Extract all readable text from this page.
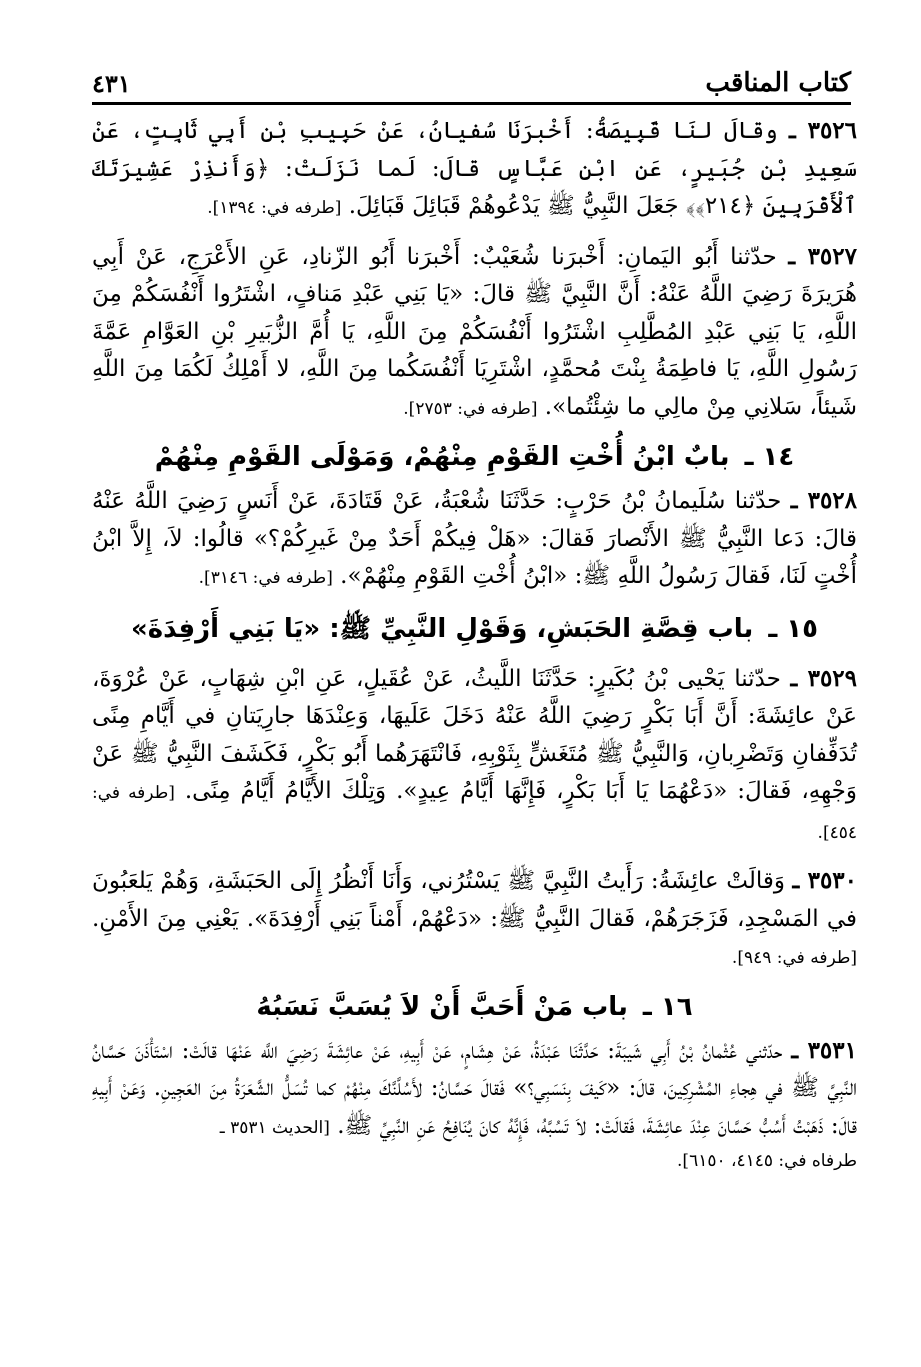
كتاب المناقب
٤٣١

٣٥٢٦ ـ وقالَ لنَا قَبِيصَةُ: أَخْبرَنَا سُفيانُ، عَنْ حَبِيبِ بْنِ أَبِي ثَابِتٍ، عَنْ سَعِيدِ بْنِ جُبَيرٍ، عَنِ ابْنِ عَبَّاسٍ قالَ: لَما نَزَلَتْ: ﴿وَأَنذِرْ عَشِيرَتَكَ ٱلْأَقْرَبِينَ ﴿٢١٤﴾﴾ جَعَلَ النَّبِيُّ ﷺ يَدْعُوهُمْ قَبَائِلَ قَبَائِلَ. [طرفه في: ١٣٩٤].

٣٥٢٧ ـ حدّثنا أَبُو اليَمانِ: أَخْبرَنا شُعَيْبٌ: أَخْبرَنا أَبُو الزّنادِ، عَنِ الأَعْرَجِ، عَنْ أَبِي هُرَيرَةَ رَضِيَ اللَّهُ عَنْهُ: أَنَّ النَّبِيَّ ﷺ قالَ: «يَا بَنِي عَبْدِ مَنافٍ، اشْتَرُوا أَنْفُسَكُمْ مِنَ اللَّهِ، يَا بَنِي عَبْدِ المُطَّلِبِ اشْتَرُوا أَنْفُسَكُمْ مِنَ اللَّهِ، يَا أُمَّ الزُّبَيرِ بْنِ العَوَّامِ عَمَّةَ رَسُولِ اللَّهِ، يَا فاطِمَةُ بِنْتَ مُحمَّدٍ، اشْتَرِيَا أَنْفُسَكُما مِنَ اللَّهِ، لا أَمْلِكُ لَكُمَا مِنَ اللَّهِ شَيئاً، سَلانِي مِنْ مالِي ما شِئْتُما». [طرفه في: ٢٧٥٣].

١٤ ـ بابٌ ابْنُ أُخْتِ القَوْمِ مِنْهُمْ، وَمَوْلَى القَوْمِ مِنْهُمْ

٣٥٢٨ ـ حدّثنا سُلَيمانُ بْنُ حَرْبٍ: حَدَّثَنَا شُعْبَةُ، عَنْ قَتَادَةَ، عَنْ أَنَسٍ رَضِيَ اللَّهُ عَنْهُ قالَ: دَعا النَّبِيُّ ﷺ الأَنْصارَ فَقالَ: «هَلْ فِيكُمْ أَحَدٌ مِنْ غَيرِكُمْ؟» قالُوا: لاَ، إِلاَّ ابْنُ أُخْتٍ لَنَا، فَقالَ رَسُولُ اللَّهِ ﷺ: «ابْنُ أُخْتِ القَوْمِ مِنْهُمْ». [طرفه في: ٣١٤٦].

١٥ ـ باب قِصَّةِ الحَبَشِ، وَقَوْلِ النَّبِيِّ ﷺ: «يَا بَنِي أَرْفِدَةَ»

٣٥٢٩ ـ حدّثنا يَحْيى بْنُ بُكَيرٍ: حَدَّثَنَا اللَّيثُ، عَنْ عُقَيلٍ، عَنِ ابْنِ شِهَابٍ، عَنْ عُرْوَةَ، عَنْ عائِشَةَ: أَنَّ أَبَا بَكْرٍ رَضِيَ اللَّهُ عَنْهُ دَخَلَ عَلَيهَا، وَعِنْدَهَا جارِيَتانِ في أَيَّامِ مِنًى تُدَفِّفانِ وَتَضْرِبانِ، وَالنَّبِيُّ ﷺ مُتَغَشٍّ بِثَوْبِهِ، فَانْتَهَرَهُما أَبُو بَكْرٍ، فَكَشَفَ النَّبِيُّ ﷺ عَنْ وَجْهِهِ، فَقالَ: «دَعْهُمَا يَا أَبَا بَكْرٍ، فَإِنَّهَا أَيَّامُ عِيدٍ». وَتِلْكَ الأَيَّامُ أَيَّامُ مِنًى. [طرفه في: ٤٥٤].

٣٥٣٠ ـ وَقالَتْ عائِشَةُ: رَأَيتُ النَّبِيَّ ﷺ يَسْتُرُني، وَأَنَا أَنْظُرُ إِلَى الحَبَشَةِ، وَهُمْ يَلعَبُونَ في المَسْجِدِ، فَزَجَرَهُمْ، فَقالَ النَّبِيُّ ﷺ: «دَعْهُمْ، أَمْناً بَنِي أَرْفِدَةَ». يَعْنِي مِنَ الأَمْنِ. [طرفه في: ٩٤٩].

١٦ ـ باب مَنْ أَحَبَّ أَنْ لاَ يُسَبَّ نَسَبُهُ

٣٥٣١ ـ حدّثني عُثْمانُ بْنُ أَبِي شَيبَةَ: حَدَّثَنَا عَبْدَةُ، عَنْ هِشَامٍ، عَنْ أَبِيهِ، عَنْ عائِشَةَ رَضِيَ اللَّه عَنْهَا قالَتْ: اسْتَأْذَنَ حَسَّانُ النَّبِيَّ ﷺ في هِجاءِ المُشْرِكِينَ، قالَ: «كَيفَ بِنَسَبِي؟» فَقالَ حَسَّانُ: لأَسُلَّنَّكَ مِنْهُمْ كما تُسَلُّ الشَّعَرَةُ مِنَ العَجِينِ. وَعَنْ أَبِيهِ قالَ: ذَهَبْتُ أَسُبُّ حَسَّانَ عِنْدَ عائِشَةَ، فَقالَتْ: لاَ تَسُبَّهُ، فَإِنَّهُ كانَ يُنَافِحُ عَنِ النَّبِيِّ ﷺ. [الحديث ٣٥٣١ ـ

طرفاه في: ٤١٤٥، ٦١٥٠].
